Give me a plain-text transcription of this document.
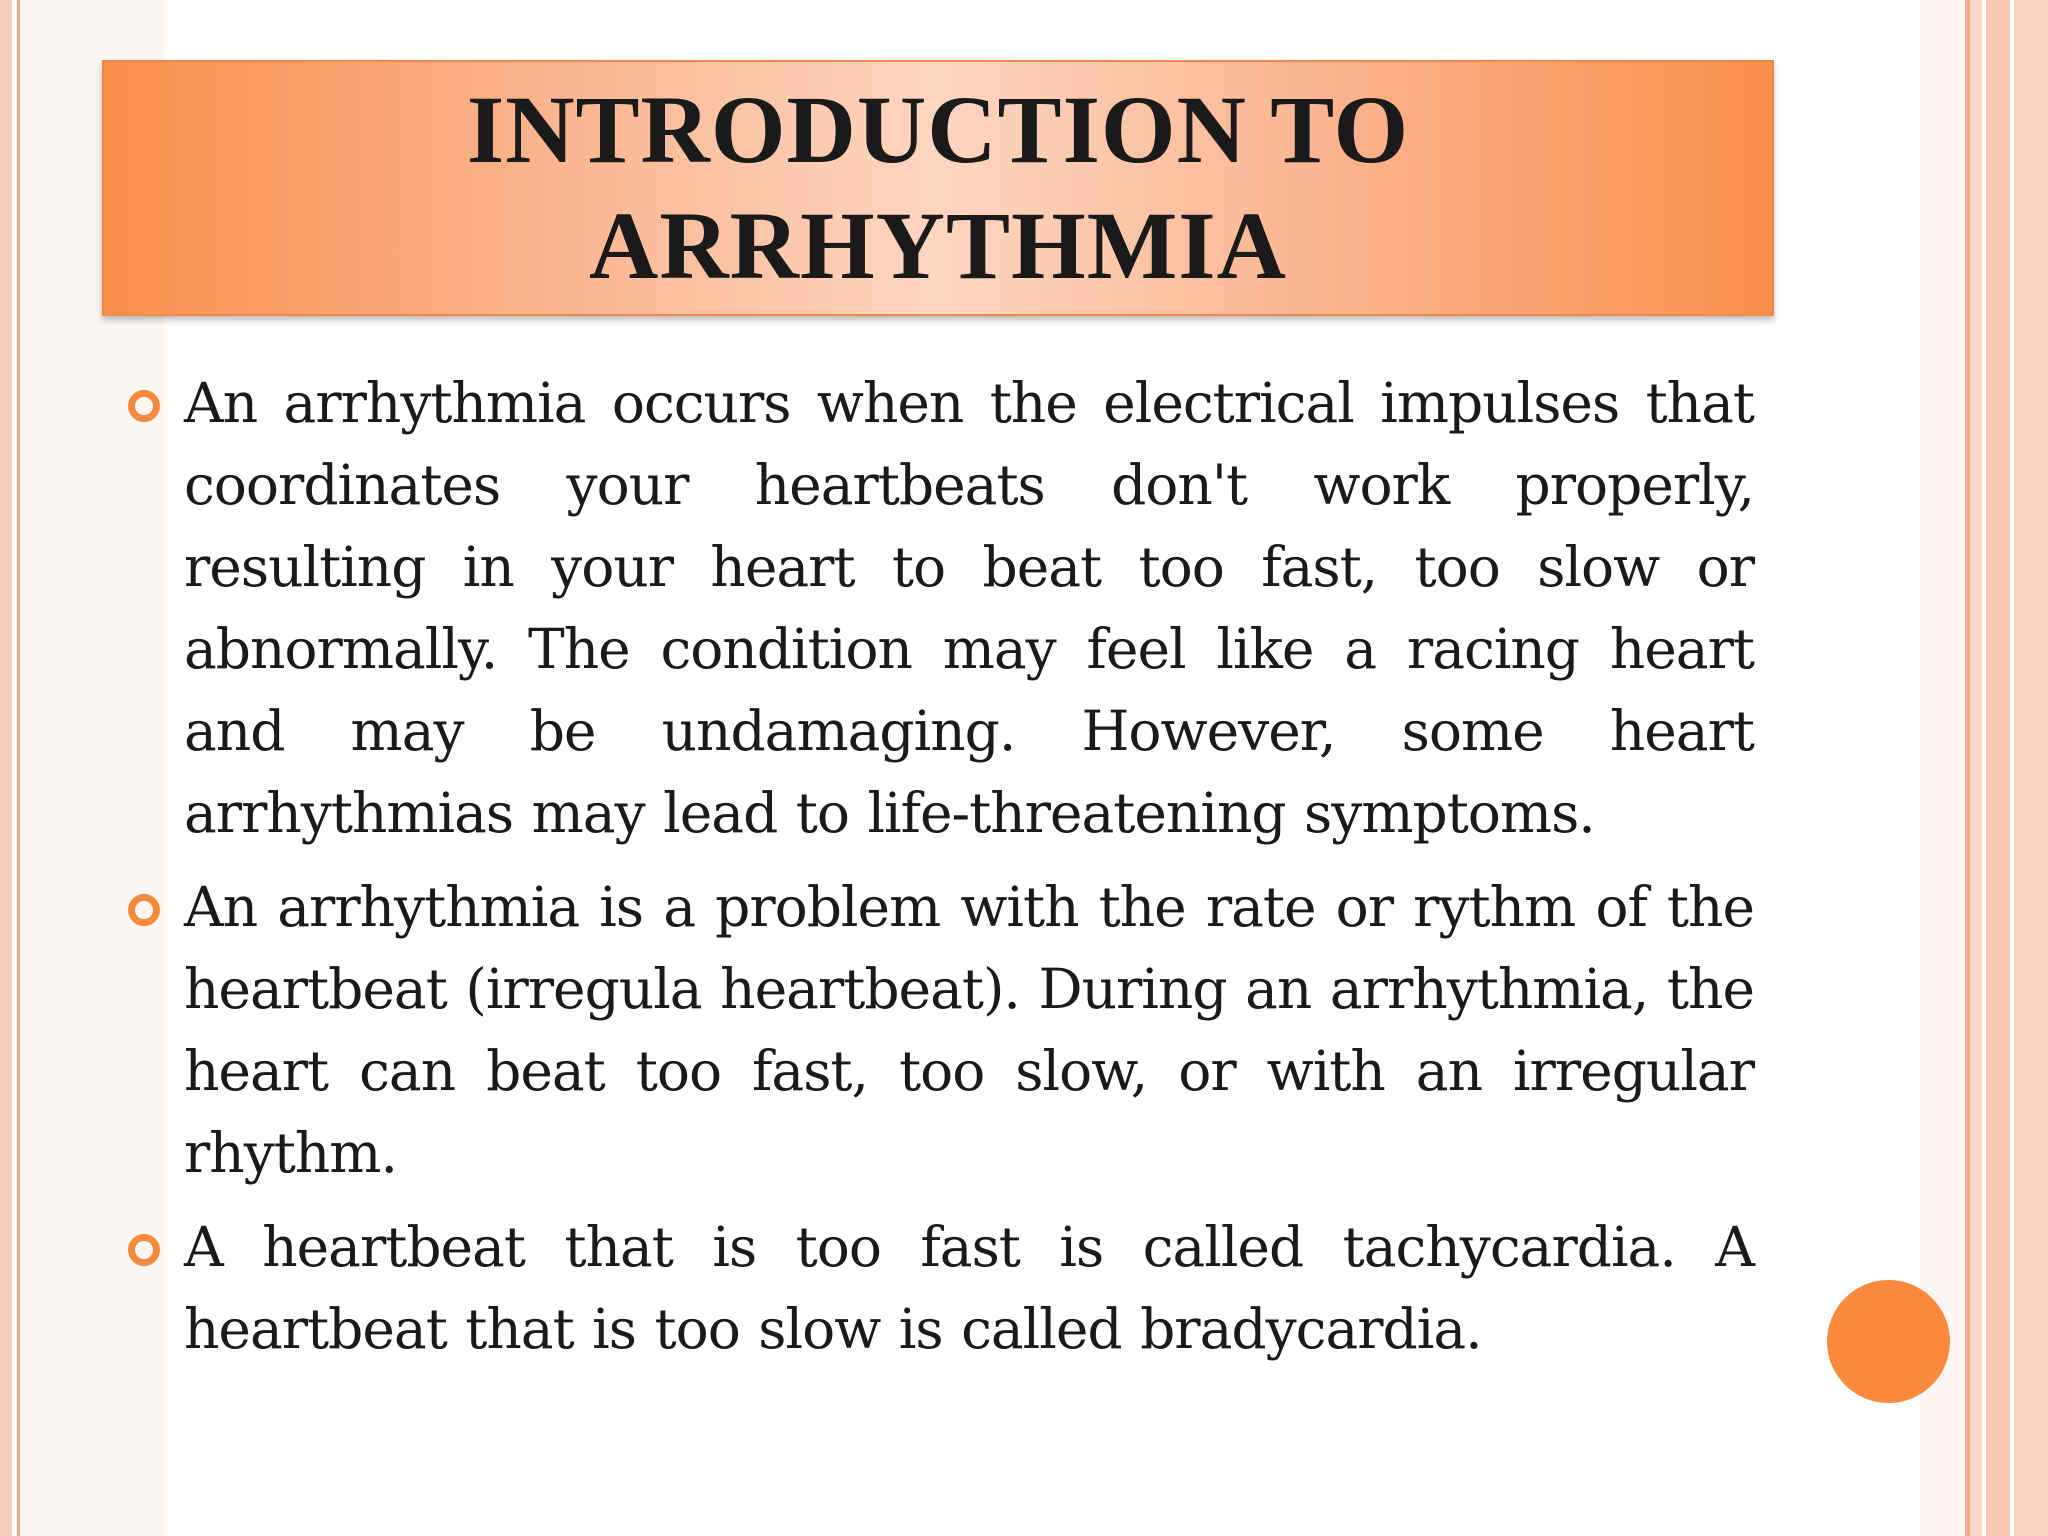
INTRODUCTION TO
ARRHYTHMIA
An arrhythmia occurs when the electrical impulses that coordinates your heartbeats don't work properly, resulting in your heart to beat too fast, too slow or abnormally. The condition may feel like a racing heart and may be undamaging. However, some heart arrhythmias may lead to life-threatening symptoms.
An arrhythmia is a problem with the rate or rythm of the heartbeat (irregula heartbeat). During an arrhythmia, the heart can beat too fast, too slow, or with an irregular rhythm.
A heartbeat that is too fast is called tachycardia. A heartbeat that is too slow is called bradycardia.
